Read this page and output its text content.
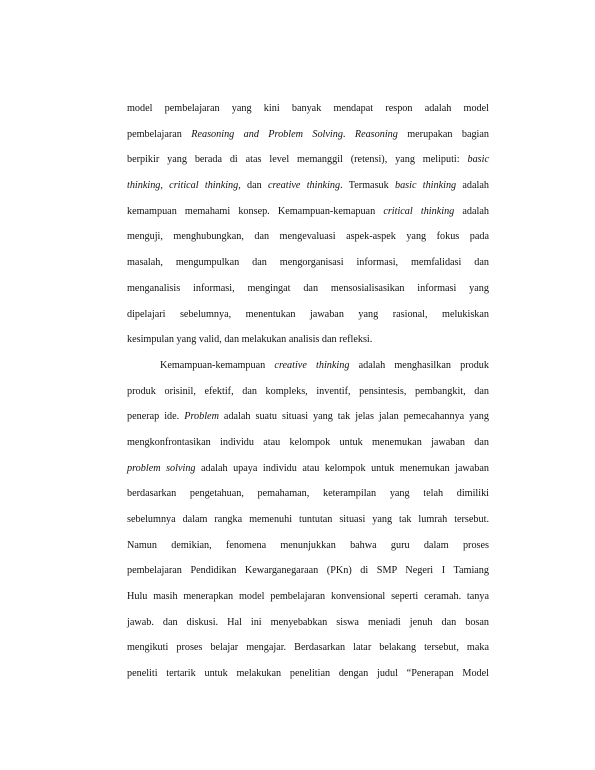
model pembelajaran yang kini banyak mendapat respon adalah model
pembelajaran Reasoning and Problem Solving. Reasoning merupakan bagian
berpikir yang berada di atas level memanggil (retensi), yang meliputi: basic
thinking, critical thinking, dan creative thinking. Termasuk basic thinking adalah
kemampuan memahami konsep. Kemampuan-kemapuan critical thinking adalah
menguji, menghubungkan, dan mengevaluasi aspek-aspek yang fokus pada
masalah, mengumpulkan dan mengorganisasi informasi, memfalidasi dan
menganalisis informasi, mengingat dan mensosialisasikan informasi yang
dipelajari sebelumnya, menentukan jawaban yang rasional, melukiskan
kesimpulan yang valid, dan melakukan analisis dan refleksi.
Kemampuan-kemampuan creative thinking adalah menghasilkan produk
produk orisinil, efektif, dan kompleks, inventif, pensintesis, pembangkit, dan
penerap ide. Problem adalah suatu situasi yang tak jelas jalan pemecahannya yang
mengkonfrontasikan individu atau kelompok untuk menemukan jawaban dan
problem solving adalah upaya individu atau kelompok untuk menemukan jawaban
berdasarkan pengetahuan, pemahaman, keterampilan yang telah dimiliki
sebelumnya dalam rangka memenuhi tuntutan situasi yang tak lumrah tersebut.
Namun demikian, fenomena menunjukkan bahwa guru dalam proses
pembelajaran Pendidikan Kewarganegaraan (PKn) di SMP Negeri I Tamiang
Hulu masih menerapkan model pembelajaran konvensional seperti ceramah. tanya
jawab. dan diskusi. Hal ini menyebabkan siswa meniadi jenuh dan bosan
mengikuti proses belajar mengajar. Berdasarkan latar belakang tersebut, maka
peneliti tertarik untuk melakukan penelitian dengan judul “Penerapan Model
